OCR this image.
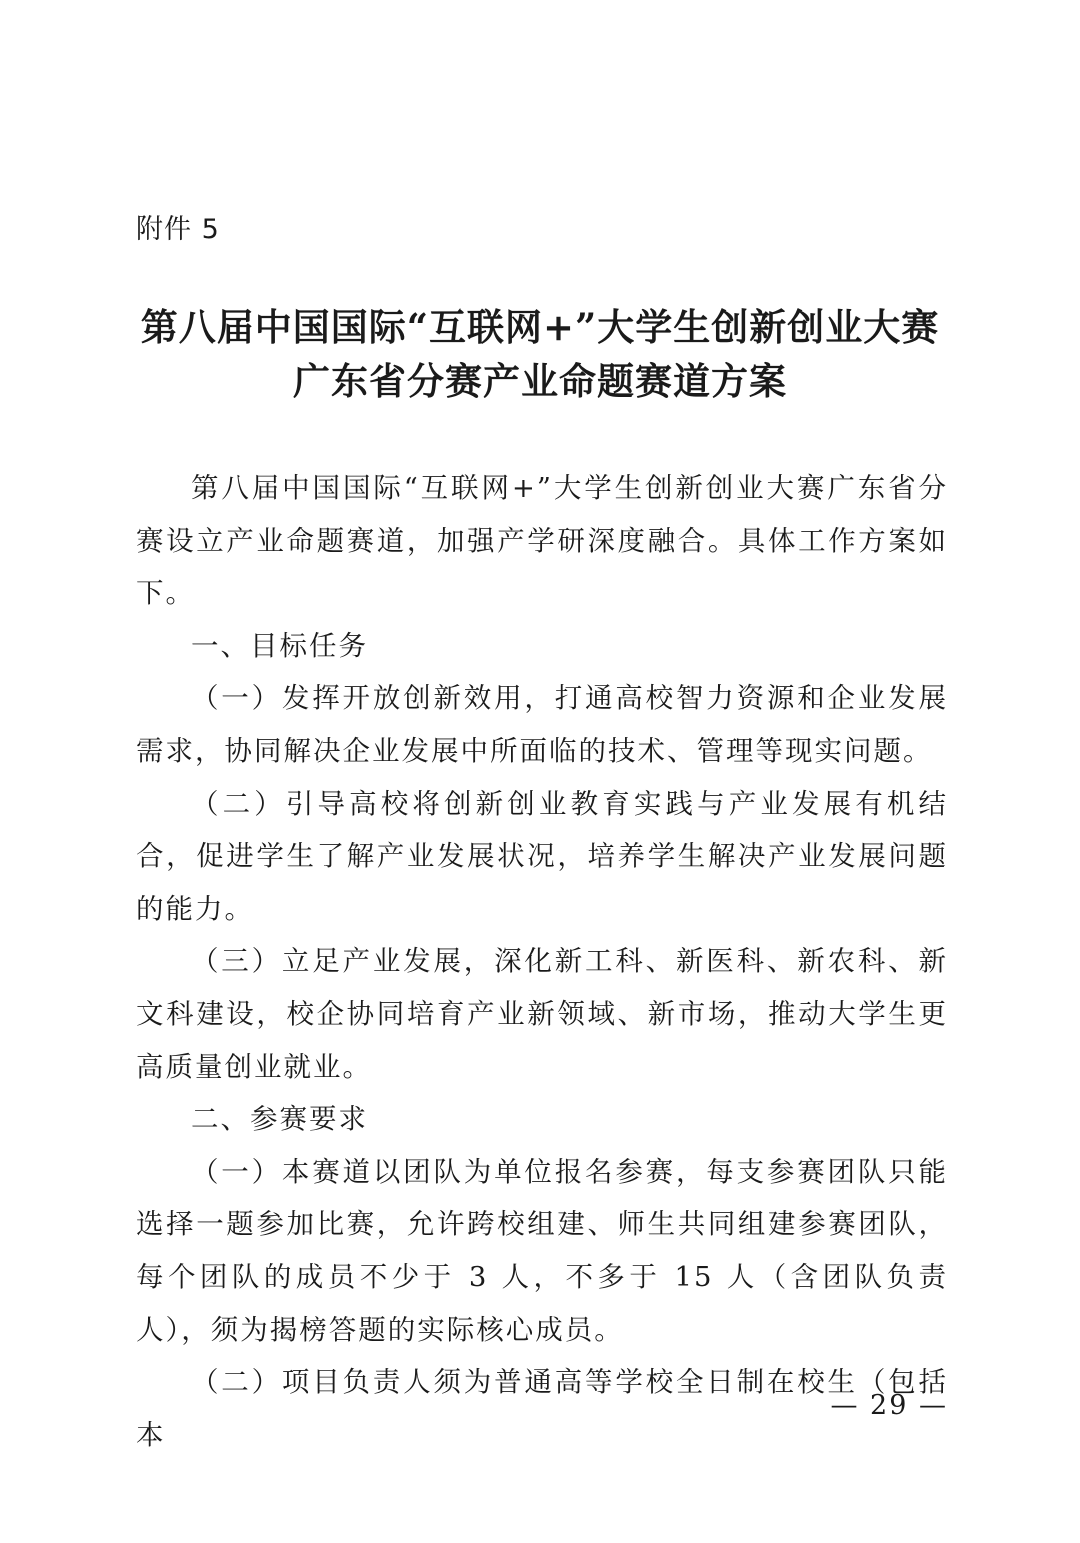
附件 5
第八届中国国际“互联网+”大学生创新创业大赛
广东省分赛产业命题赛道方案

第八届中国国际“互联网+”大学生创新创业大赛广东省分赛设立产业命题赛道，加强产学研深度融合。具体工作方案如下。

一、目标任务

（一）发挥开放创新效用，打通高校智力资源和企业发展需求，协同解决企业发展中所面临的技术、管理等现实问题。

（二）引导高校将创新创业教育实践与产业发展有机结合，促进学生了解产业发展状况，培养学生解决产业发展问题的能力。

（三）立足产业发展，深化新工科、新医科、新农科、新文科建设，校企协同培育产业新领域、新市场，推动大学生更高质量创业就业。

二、参赛要求

（一）本赛道以团队为单位报名参赛，每支参赛团队只能选择一题参加比赛，允许跨校组建、师生共同组建参赛团队，每个团队的成员不少于 3 人，不多于 15 人（含团队负责人），须为揭榜答题的实际核心成员。

（二）项目负责人须为普通高等学校全日制在校生（包括本

— 29 —
